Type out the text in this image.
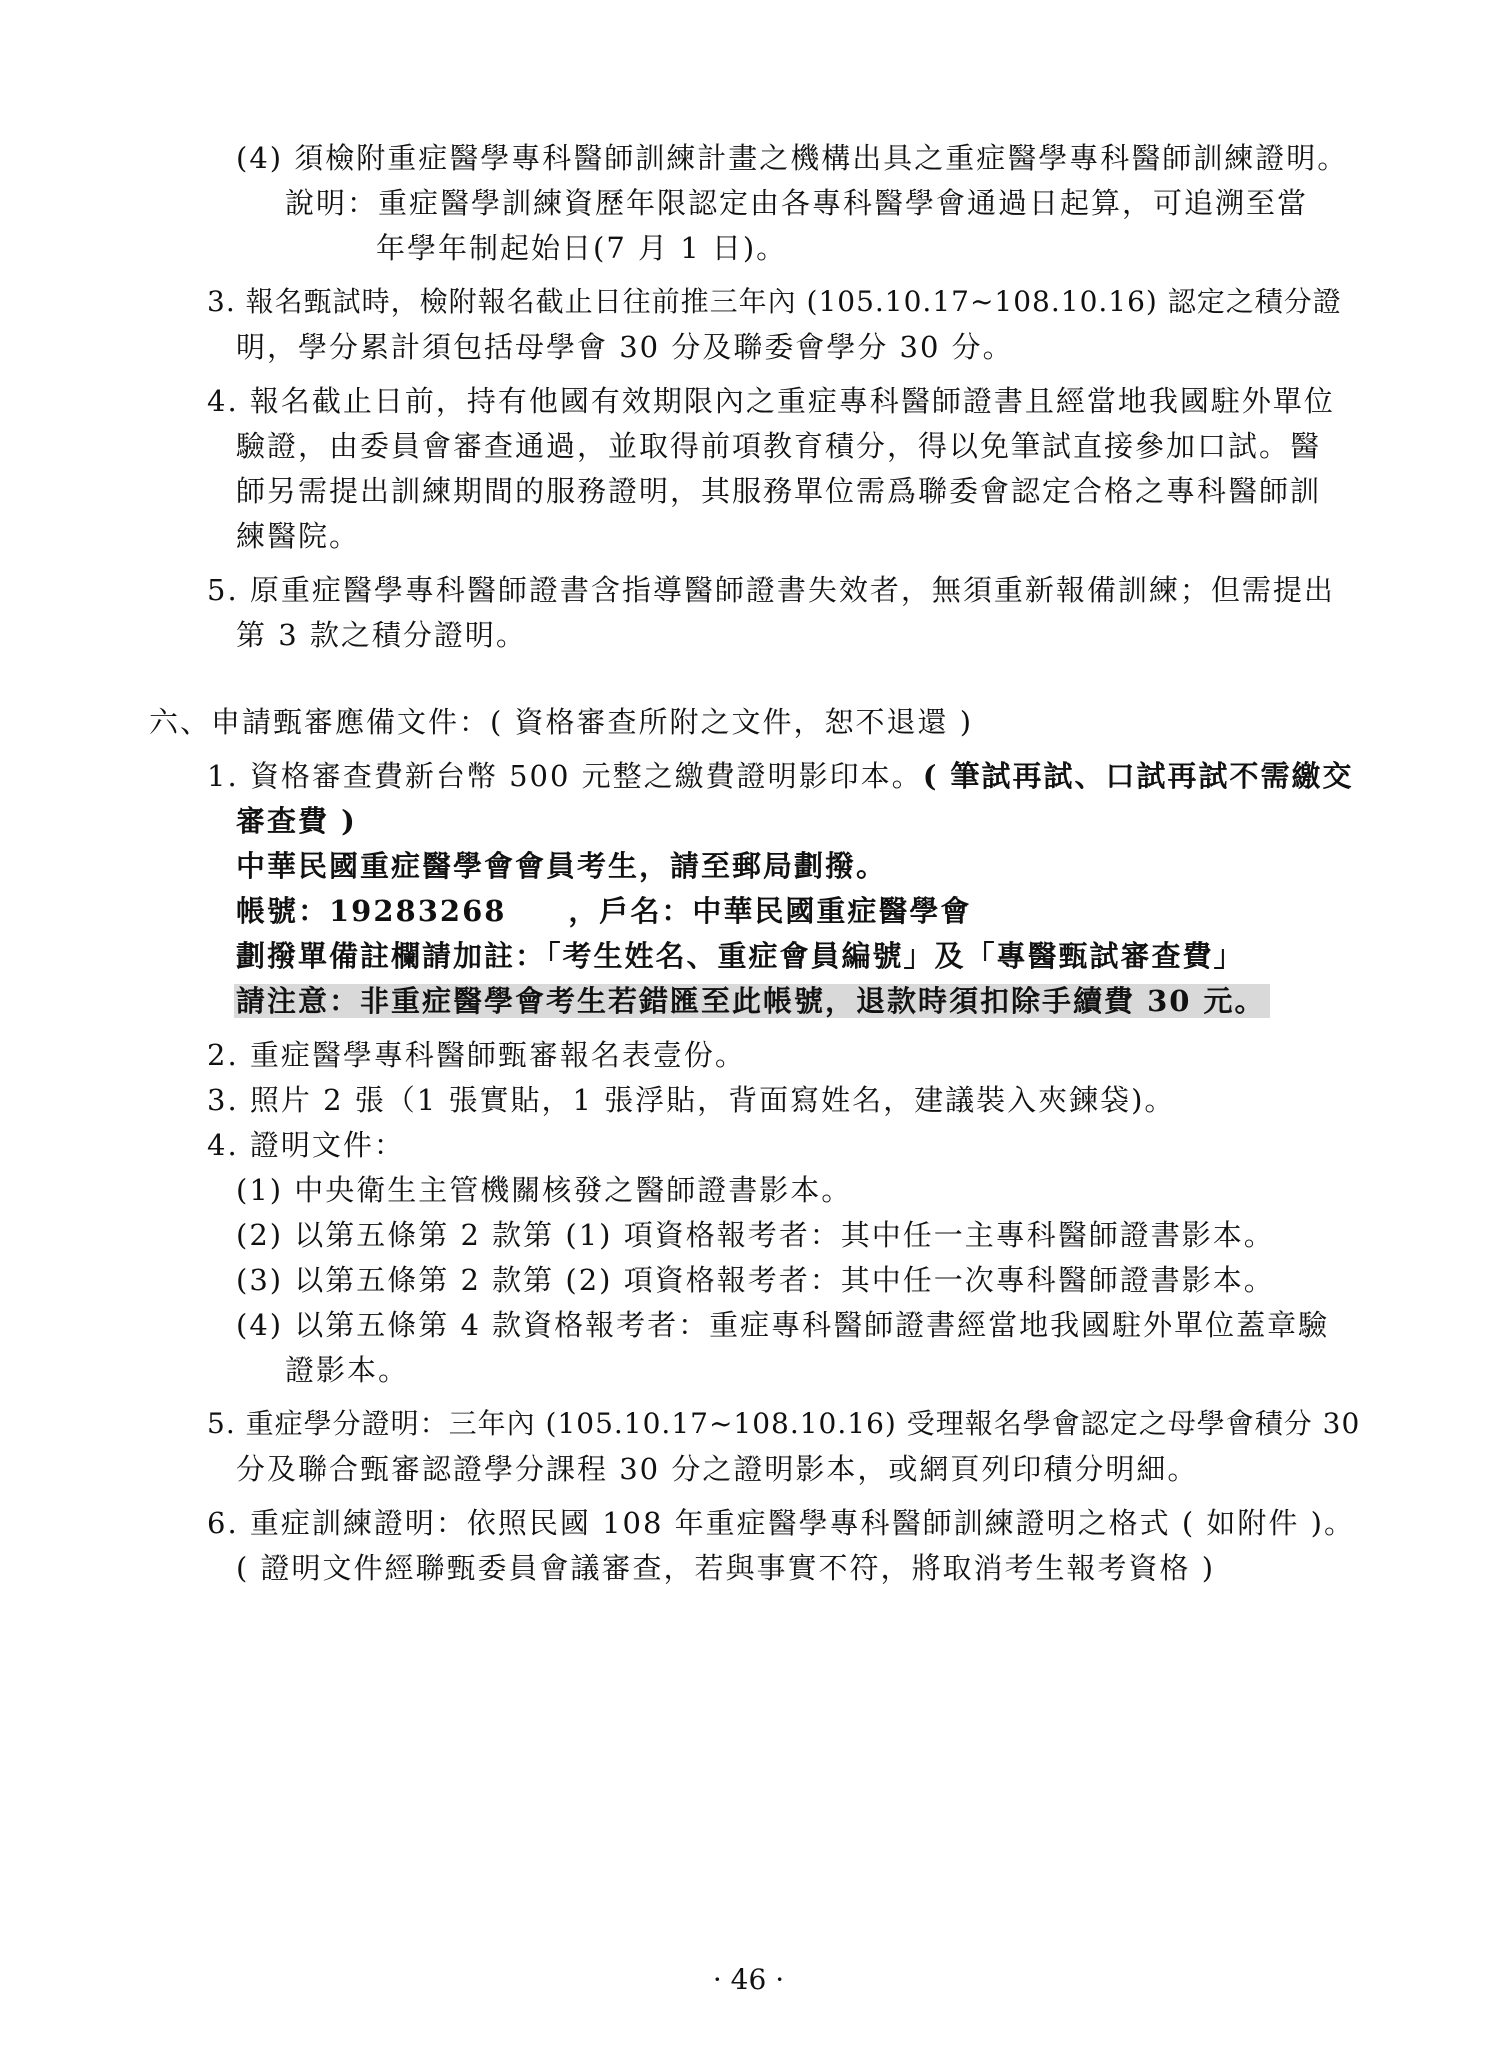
(4) 須檢附重症醫學專科醫師訓練計畫之機構出具之重症醫學專科醫師訓練證明。
說明：重症醫學訓練資歷年限認定由各專科醫學會通過日起算，可追溯至當
年學年制起始日(7 月 1 日)。
3. 報名甄試時，檢附報名截止日往前推三年內 (105.10.17~108.10.16) 認定之積分證
明，學分累計須包括母學會 30 分及聯委會學分 30 分。
4. 報名截止日前，持有他國有效期限內之重症專科醫師證書且經當地我國駐外單位
驗證，由委員會審查通過，並取得前項教育積分，得以免筆試直接參加口試。醫
師另需提出訓練期間的服務證明，其服務單位需爲聯委會認定合格之專科醫師訓
練醫院。
5. 原重症醫學專科醫師證書含指導醫師證書失效者，無須重新報備訓練；但需提出
第 3 款之積分證明。
六、申請甄審應備文件：( 資格審查所附之文件，恕不退還 )
1. 資格審查費新台幣 500 元整之繳費證明影印本。( 筆試再試、口試再試不需繳交
審查費 )
中華民國重症醫學會會員考生，請至郵局劃撥。
帳號：19283268　　，戶名：中華民國重症醫學會
劃撥單備註欄請加註：「考生姓名、重症會員編號」及「專醫甄試審查費」
請注意：非重症醫學會考生若錯匯至此帳號，退款時須扣除手續費 30 元。
2. 重症醫學專科醫師甄審報名表壹份。
3. 照片 2 張（1 張實貼，1 張浮貼，背面寫姓名，建議裝入夾鍊袋)。
4. 證明文件：
(1) 中央衛生主管機關核發之醫師證書影本。
(2) 以第五條第 2 款第 (1) 項資格報考者：其中任一主專科醫師證書影本。
(3) 以第五條第 2 款第 (2) 項資格報考者：其中任一次專科醫師證書影本。
(4) 以第五條第 4 款資格報考者：重症專科醫師證書經當地我國駐外單位蓋章驗
證影本。
5. 重症學分證明：三年內 (105.10.17~108.10.16) 受理報名學會認定之母學會積分 30
分及聯合甄審認證學分課程 30 分之證明影本，或網頁列印積分明細。
6. 重症訓練證明：依照民國 108 年重症醫學專科醫師訓練證明之格式 ( 如附件 )。
( 證明文件經聯甄委員會議審查，若與事實不符，將取消考生報考資格 )
· 46 ·
